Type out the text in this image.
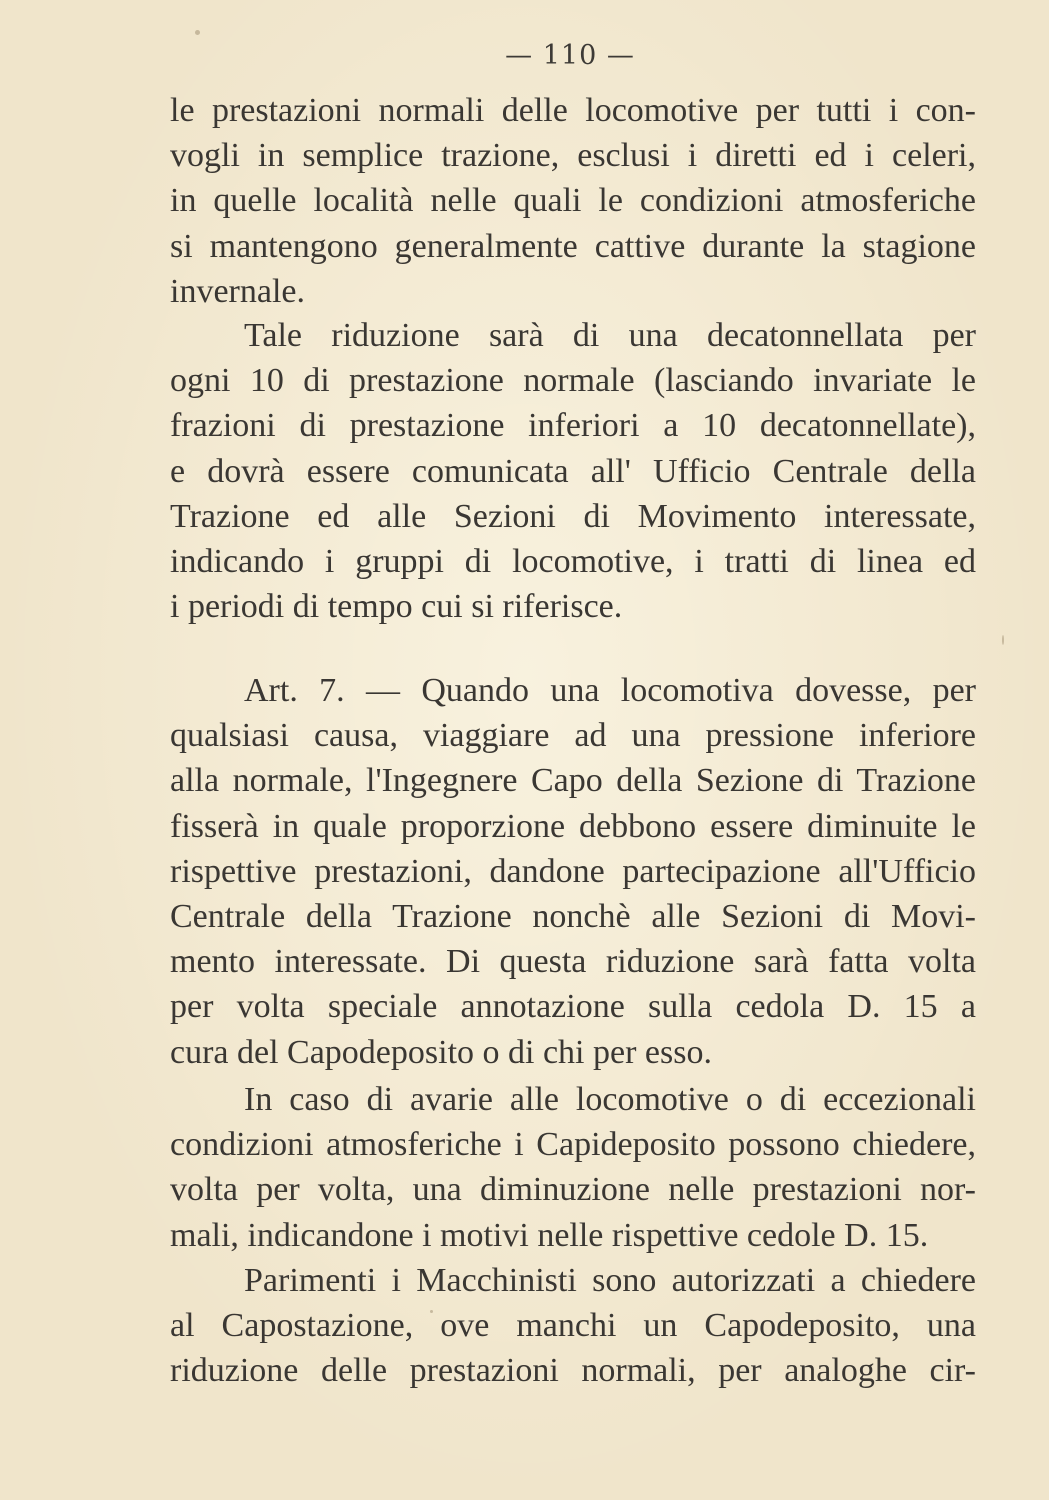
— 110 —
le prestazioni normali delle locomotive per tutti i con-
vogli in semplice trazione, esclusi i diretti ed i celeri,
in quelle località nelle quali le condizioni atmosferiche
si mantengono generalmente cattive durante la stagione
invernale.
Tale riduzione sarà di una decatonnellata per
ogni 10 di prestazione normale (lasciando invariate le
frazioni di prestazione inferiori a 10 decatonnellate),
e dovrà essere comunicata all' Ufficio Centrale della
Trazione ed alle Sezioni di Movimento interessate,
indicando i gruppi di locomotive, i tratti di linea ed
i periodi di tempo cui si riferisce.
Art. 7. — Quando una locomotiva dovesse, per
qualsiasi causa, viaggiare ad una pressione inferiore
alla normale, l'Ingegnere Capo della Sezione di Trazione
fisserà in quale proporzione debbono essere diminuite le
rispettive prestazioni, dandone partecipazione all'Ufficio
Centrale della Trazione nonchè alle Sezioni di Movi-
mento interessate. Di questa riduzione sarà fatta volta
per volta speciale annotazione sulla cedola D. 15 a
cura del Capodeposito o di chi per esso.
In caso di avarie alle locomotive o di eccezionali
condizioni atmosferiche i Capideposito possono chiedere,
volta per volta, una diminuzione nelle prestazioni nor-
mali, indicandone i motivi nelle rispettive cedole D. 15.
Parimenti i Macchinisti sono autorizzati a chiedere
al Capostazione, ove manchi un Capodeposito, una
riduzione delle prestazioni normali, per analoghe cir-
